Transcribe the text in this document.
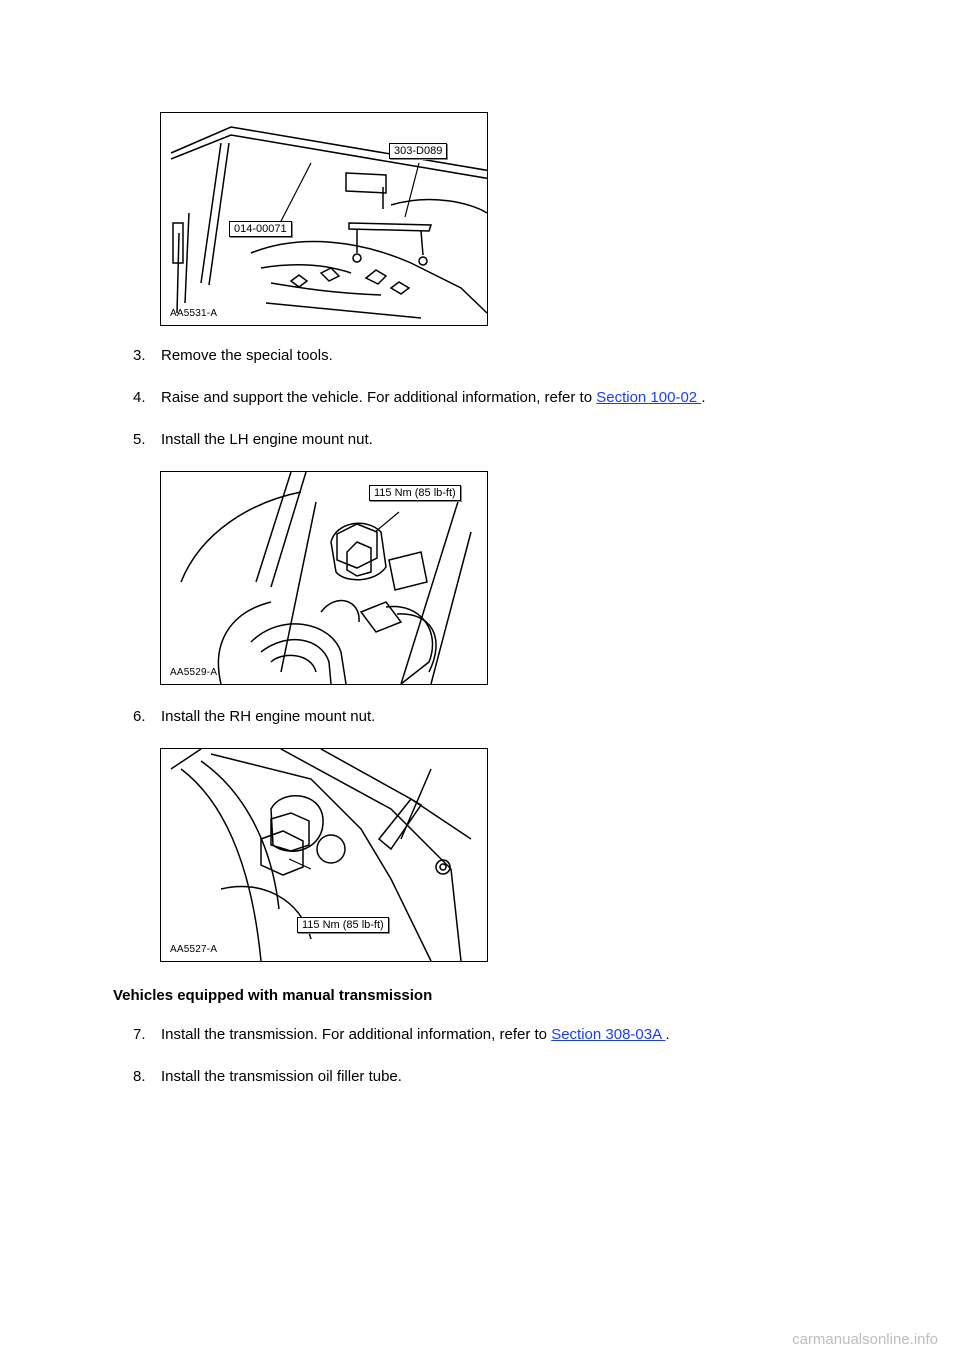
303-D089
014-00071
AA5531-A
3. Remove the special tools.
4. Raise and support the vehicle. For additional information, refer to Section 100-02 .
5. Install the LH engine mount nut.
115 Nm (85 lb-ft)
AA5529-A
6. Install the RH engine mount nut.
115 Nm (85 lb-ft)
AA5527-A
Vehicles equipped with manual transmission
7. Install the transmission. For additional information, refer to Section 308-03A .
8. Install the transmission oil filler tube.
carmanualsonline.info
